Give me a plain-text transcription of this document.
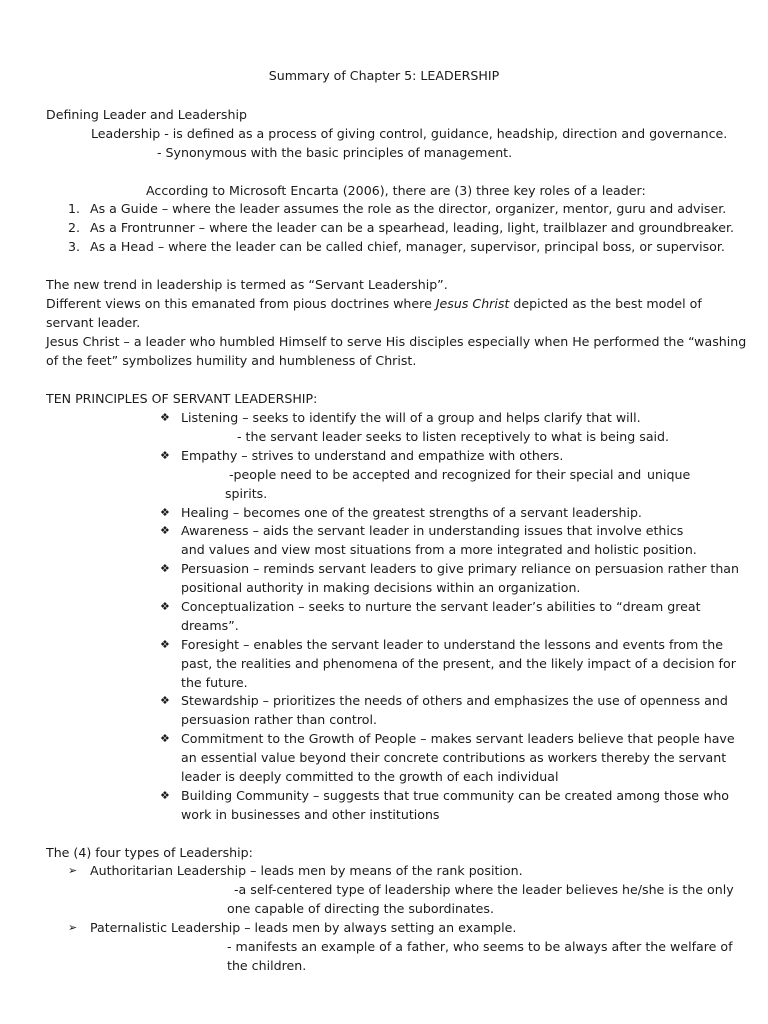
Summary of Chapter 5: LEADERSHIP
Defining Leader and Leadership
Leadership - is defined as a process of giving control, guidance, headship, direction and governance.
- Synonymous with the basic principles of management.
According to Microsoft Encarta (2006), there are (3) three key roles of a leader:
1. As a Guide – where the leader assumes the role as the director, organizer, mentor, guru and adviser.
2. As a Frontrunner – where the leader can be a spearhead, leading, light, trailblazer and groundbreaker.
3. As a Head – where the leader can be called chief, manager, supervisor, principal boss, or supervisor.
The new trend in leadership is termed as “Servant Leadership”.
Different views on this emanated from pious doctrines where Jesus Christ depicted as the best model of
servant leader.
Jesus Christ – a leader who humbled Himself to serve His disciples especially when He performed the “washing
of the feet” symbolizes humility and humbleness of Christ.
TEN PRINCIPLES OF SERVANT LEADERSHIP:
❖ Listening – seeks to identify the will of a group and helps clarify that will.
- the servant leader seeks to listen receptively to what is being said.
❖ Empathy – strives to understand and empathize with others.
-people need to be accepted and recognized for their special and unique
spirits.
❖ Healing – becomes one of the greatest strengths of a servant leadership.
❖ Awareness – aids the servant leader in understanding issues that involve ethics
and values and view most situations from a more integrated and holistic position.
❖ Persuasion – reminds servant leaders to give primary reliance on persuasion rather than
positional authority in making decisions within an organization.
❖ Conceptualization – seeks to nurture the servant leader’s abilities to “dream great
dreams”.
❖ Foresight – enables the servant leader to understand the lessons and events from the
past, the realities and phenomena of the present, and the likely impact of a decision for
the future.
❖ Stewardship – prioritizes the needs of others and emphasizes the use of openness and
persuasion rather than control.
❖ Commitment to the Growth of People – makes servant leaders believe that people have
an essential value beyond their concrete contributions as workers thereby the servant
leader is deeply committed to the growth of each individual
❖ Building Community – suggests that true community can be created among those who
work in businesses and other institutions
The (4) four types of Leadership:
➢ Authoritarian Leadership – leads men by means of the rank position.
-a self-centered type of leadership where the leader believes he/she is the only
one capable of directing the subordinates.
➢ Paternalistic Leadership – leads men by always setting an example.
- manifests an example of a father, who seems to be always after the welfare of
the children.
